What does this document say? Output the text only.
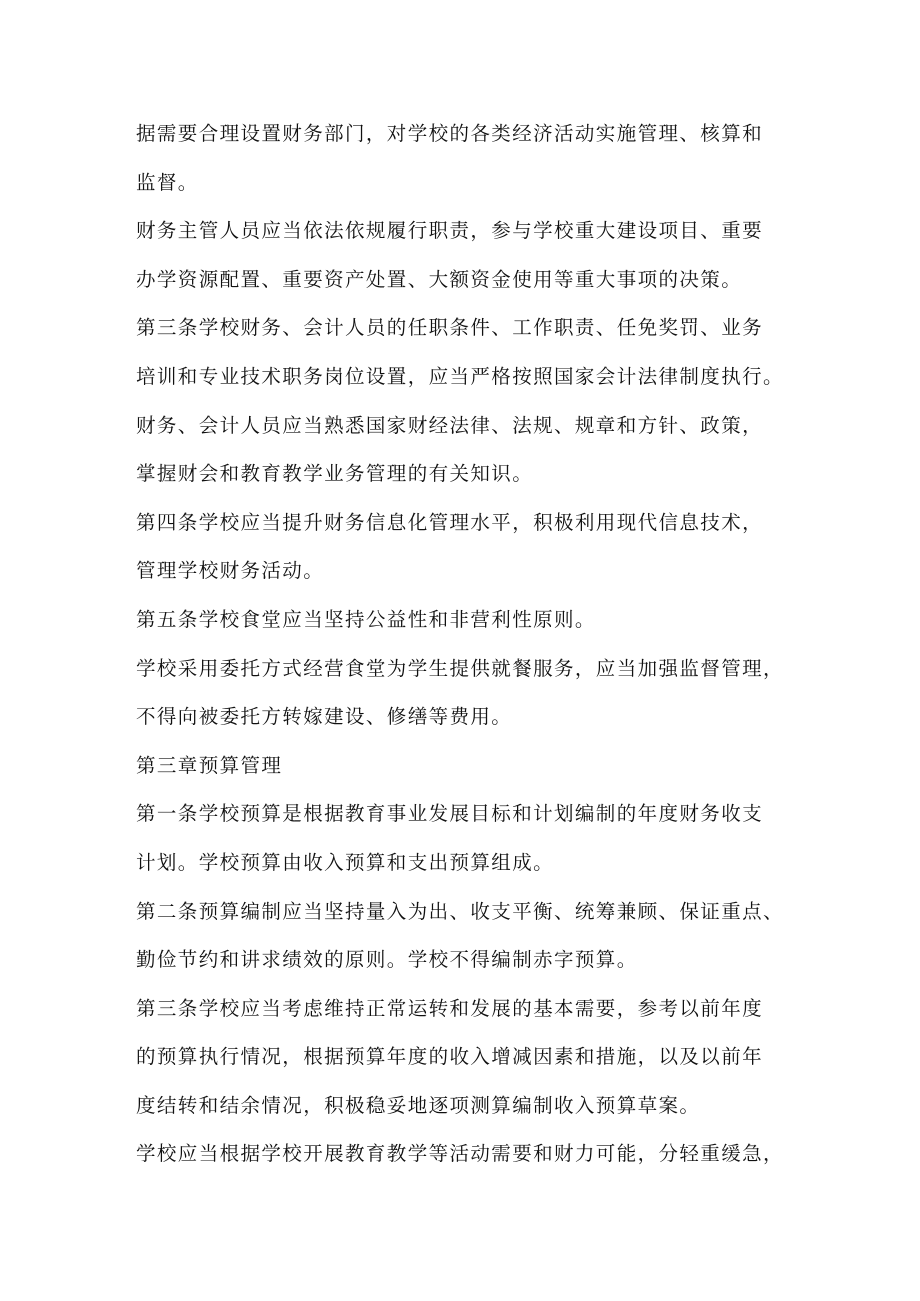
据需要合理设置财务部门，对学校的各类经济活动实施管理、核算和
监督。
财务主管人员应当依法依规履行职责，参与学校重大建设项目、重要
办学资源配置、重要资产处置、大额资金使用等重大事项的决策。
第三条学校财务、会计人员的任职条件、工作职责、任免奖罚、业务
培训和专业技术职务岗位设置，应当严格按照国家会计法律制度执行。
财务、会计人员应当熟悉国家财经法律、法规、规章和方针、政策，
掌握财会和教育教学业务管理的有关知识。
第四条学校应当提升财务信息化管理水平，积极利用现代信息技术，
管理学校财务活动。
第五条学校食堂应当坚持公益性和非营利性原则。
学校采用委托方式经营食堂为学生提供就餐服务，应当加强监督管理，
不得向被委托方转嫁建设、修缮等费用。
第三章预算管理
第一条学校预算是根据教育事业发展目标和计划编制的年度财务收支
计划。学校预算由收入预算和支出预算组成。
第二条预算编制应当坚持量入为出、收支平衡、统筹兼顾、保证重点、
勤俭节约和讲求绩效的原则。学校不得编制赤字预算。
第三条学校应当考虑维持正常运转和发展的基本需要，参考以前年度
的预算执行情况，根据预算年度的收入增减因素和措施，以及以前年
度结转和结余情况，积极稳妥地逐项测算编制收入预算草案。
学校应当根据学校开展教育教学等活动需要和财力可能，分轻重缓急，
